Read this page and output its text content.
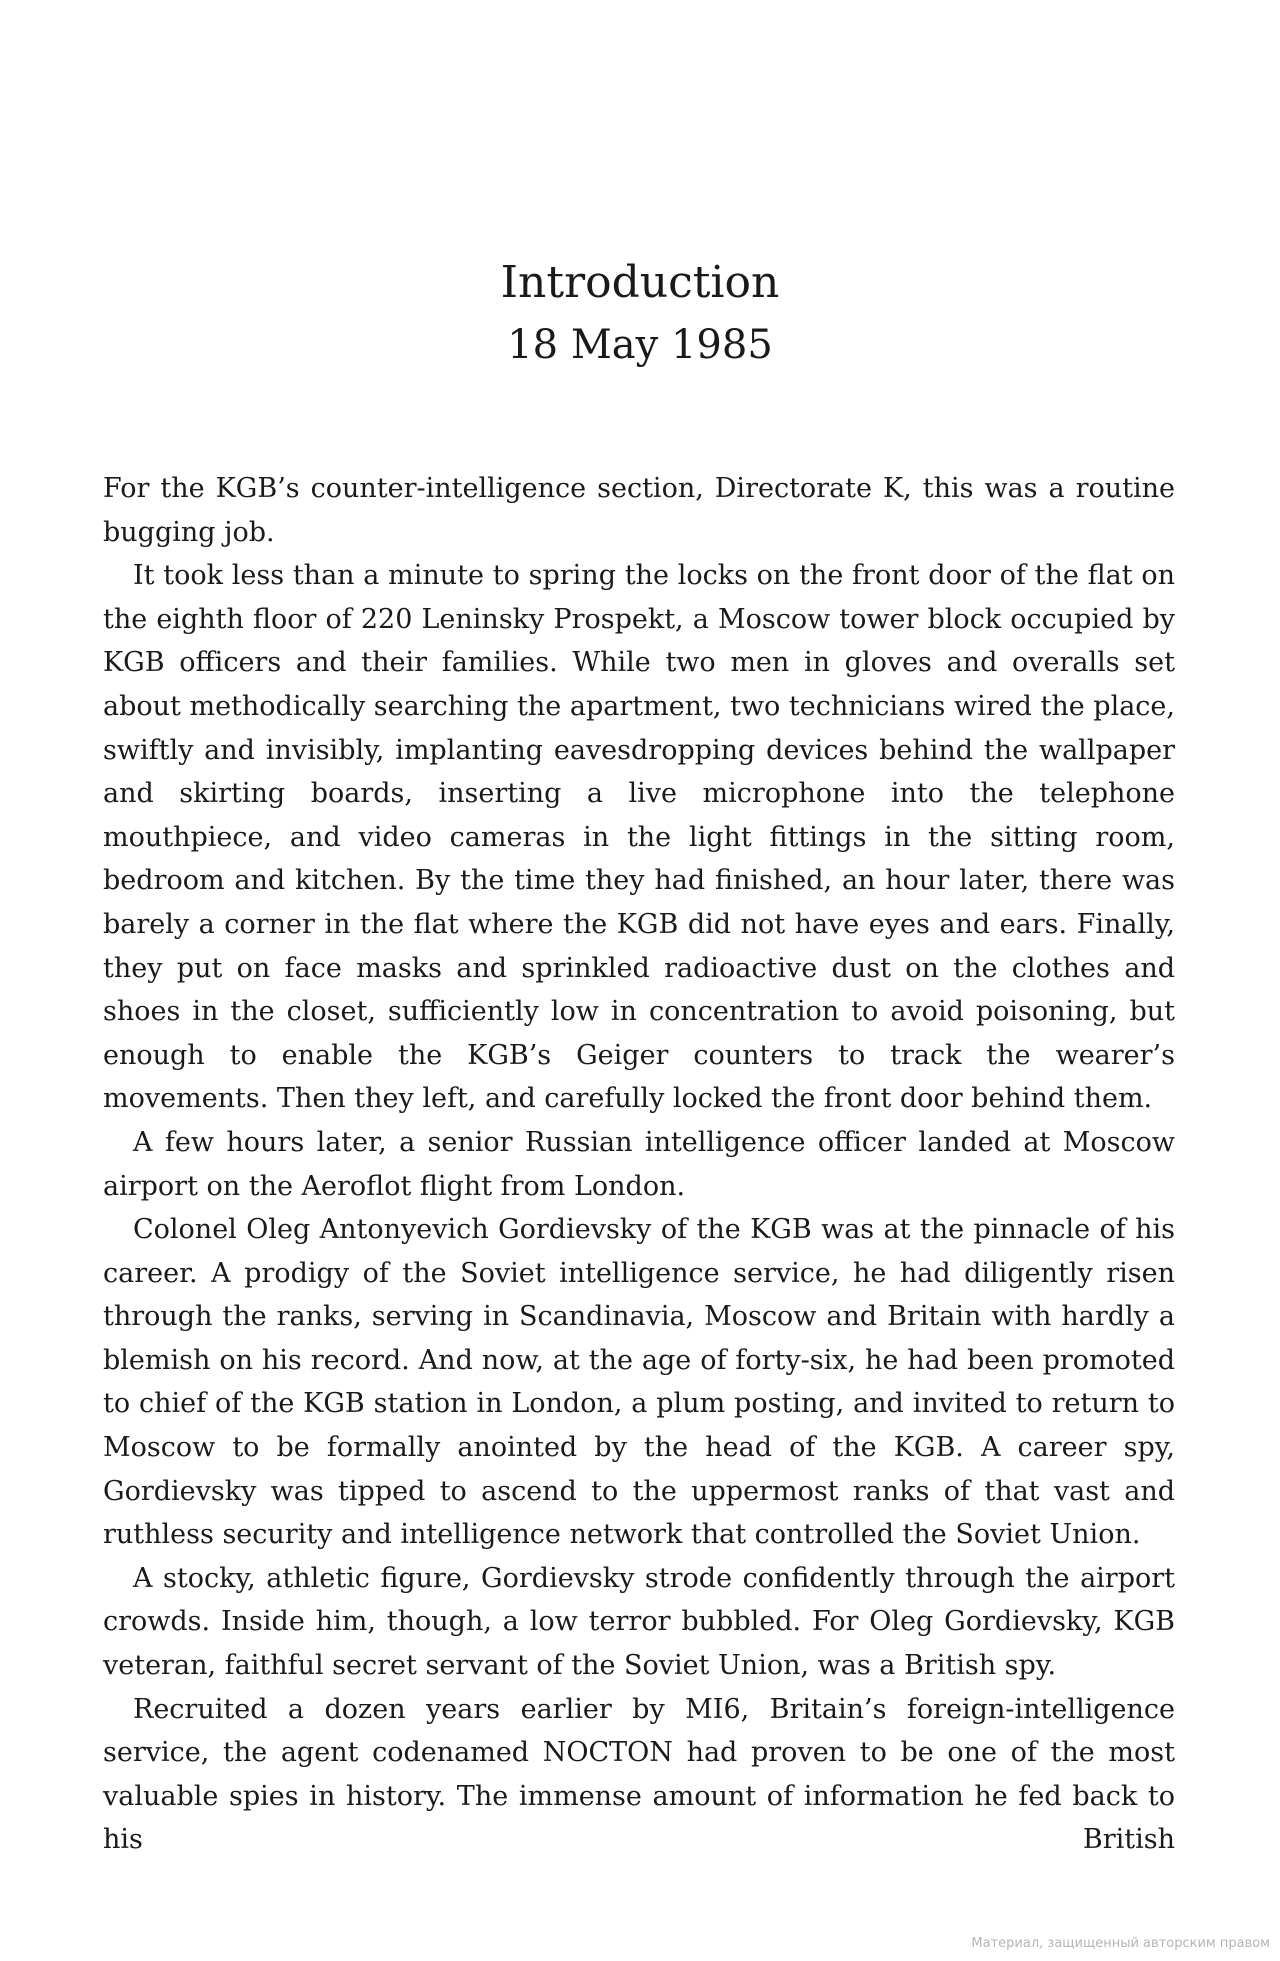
Introduction
18 May 1985

For the KGB’s counter-intelligence section, Directorate K, this was a routine bugging job.

It took less than a minute to spring the locks on the front door of the flat on the eighth floor of 220 Leninsky Prospekt, a Moscow tower block occupied by KGB officers and their families. While two men in gloves and overalls set about methodically searching the apartment, two technicians wired the place, swiftly and invisibly, implanting eavesdropping devices behind the wallpaper and skirting boards, inserting a live microphone into the telephone mouthpiece, and video cameras in the light fittings in the sitting room, bedroom and kitchen. By the time they had finished, an hour later, there was barely a corner in the flat where the KGB did not have eyes and ears. Finally, they put on face masks and sprinkled radioactive dust on the clothes and shoes in the closet, sufficiently low in concentration to avoid poisoning, but enough to enable the KGB’s Geiger counters to track the wearer’s movements. Then they left, and carefully locked the front door behind them.

A few hours later, a senior Russian intelligence officer landed at Moscow airport on the Aeroflot flight from London.

Colonel Oleg Antonyevich Gordievsky of the KGB was at the pinnacle of his career. A prodigy of the Soviet intelligence service, he had diligently risen through the ranks, serving in Scandinavia, Moscow and Britain with hardly a blemish on his record. And now, at the age of forty-six, he had been promoted to chief of the KGB station in London, a plum posting, and invited to return to Moscow to be formally anointed by the head of the KGB. A career spy, Gordievsky was tipped to ascend to the uppermost ranks of that vast and ruthless security and intelligence network that controlled the Soviet Union.

A stocky, athletic figure, Gordievsky strode confidently through the airport crowds. Inside him, though, a low terror bubbled. For Oleg Gordievsky, KGB veteran, faithful secret servant of the Soviet Union, was a British spy.

Recruited a dozen years earlier by MI6, Britain’s foreign-intelligence service, the agent codenamed NOCTON had proven to be one of the most valuable spies in history. The immense amount of information he fed back to his British

Материал, защищенный авторским правом
